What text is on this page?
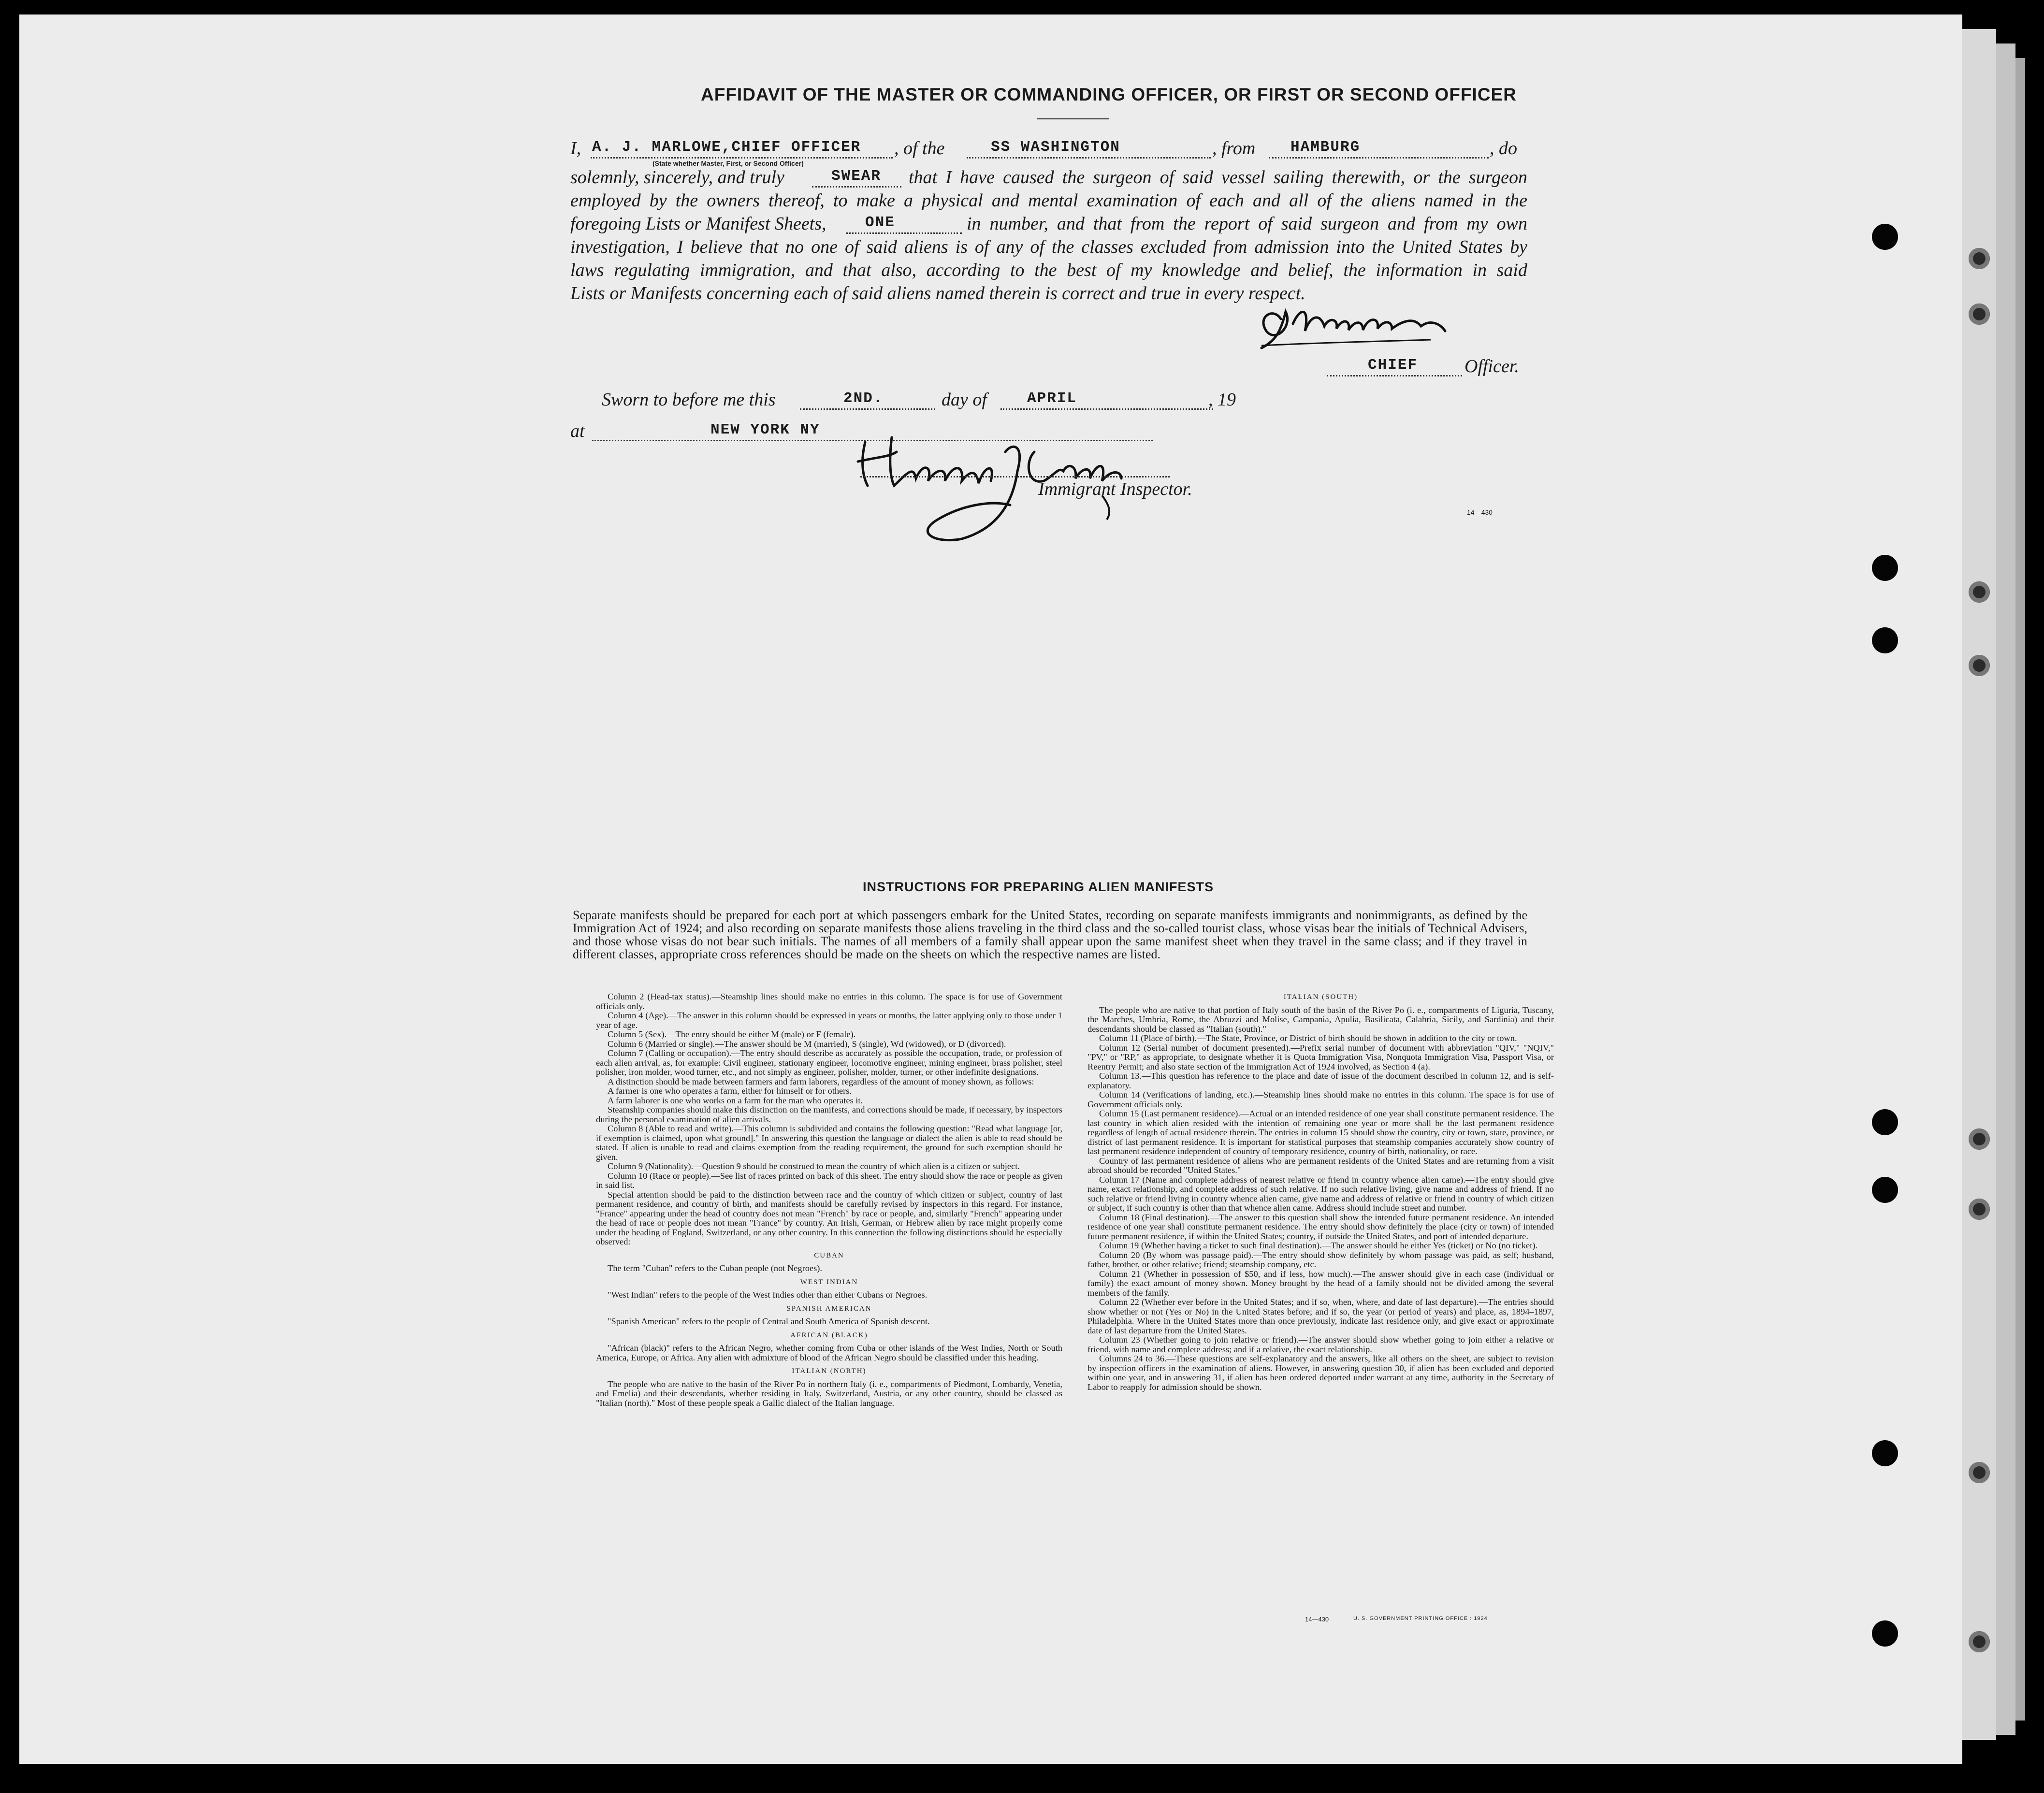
AFFIDAVIT OF THE MASTER OR COMMANDING OFFICER, OR FIRST OR SECOND OFFICER
I, A. J. MARLOWE,CHIEF OFFICER , of the	SS WASHINGTON	, from HAMBURG	, do
(State whether Master, First, or Second Officer)
solemnly, sincerely, and truly	SWEAR that I have caused the surgeon of said vessel sailing therewith, or the surgeon
employed by the owners thereof, to make a physical and mental examination of each and all of the aliens named in the
foregoing Lists or Manifest Sheets,	ONE	in number, and that from the report of said surgeon and from my own
investigation, I believe that no one of said aliens is of any of the classes excluded from admission into the United States by
laws regulating immigration, and that also, according to the best of my knowledge and belief, the information in said
Lists or Manifests concerning each of said aliens named therein is correct and true in every respect.
CHIEF	Officer.
Sworn to before me this	2ND.	day of	APRIL	, 19
at	NEW YORK NY
Immigrant Inspector.
14—430
INSTRUCTIONS FOR PREPARING ALIEN MANIFESTS
Separate manifests should be prepared for each port at which passengers embark for the United States, recording on separate manifests immigrants and nonimmigrants, as defined by the Immigration Act of 1924; and also recording on separate manifests those aliens traveling in the third class and the so-called tourist class, whose visas bear the initials of Technical Advisers, and those whose visas do not bear such initials. The names of all members of a family shall appear upon the same manifest sheet when they travel in the same class; and if they travel in different classes, appropriate cross references should be made on the sheets on which the respective names are listed.

Column 2 (Head-tax status).—Steamship lines should make no entries in this column. The space is for use of Government officials only.

Column 4 (Age).—The answer in this column should be expressed in years or months, the latter applying only to those under 1 year of age.

Column 5 (Sex).—The entry should be either M (male) or F (female).

Column 6 (Married or single).—The answer should be M (married), S (single), Wd (widowed), or D (divorced).

Column 7 (Calling or occupation).—The entry should describe as accurately as possible the occupation, trade, or profession of each alien arrival, as, for example: Civil engineer, stationary engineer, locomotive engineer, mining engineer, brass polisher, steel polisher, iron molder, wood turner, etc., and not simply as engineer, polisher, molder, turner, or other indefinite designations.

A distinction should be made between farmers and farm laborers, regardless of the amount of money shown, as follows:

A farmer is one who operates a farm, either for himself or for others.

A farm laborer is one who works on a farm for the man who operates it.

Steamship companies should make this distinction on the manifests, and corrections should be made, if necessary, by inspectors during the personal examination of alien arrivals.

Column 8 (Able to read and write).—This column is subdivided and contains the following question: "Read what language [or, if exemption is claimed, upon what ground]." In answering this question the language or dialect the alien is able to read should be stated. If alien is unable to read and claims exemption from the reading requirement, the ground for such exemption should be given.

Column 9 (Nationality).—Question 9 should be construed to mean the country of which alien is a citizen or subject.

Column 10 (Race or people).—See list of races printed on back of this sheet. The entry should show the race or people as given in said list.

Special attention should be paid to the distinction between race and the country of which citizen or subject, country of last permanent residence, and country of birth, and manifests should be carefully revised by inspectors in this regard. For instance, "France" appearing under the head of country does not mean "French" by race or people, and, similarly "French" appearing under the head of race or people does not mean "France" by country. An Irish, German, or Hebrew alien by race might properly come under the heading of England, Switzerland, or any other country. In this connection the following distinctions should be especially observed:

CUBAN

The term "Cuban" refers to the Cuban people (not Negroes).

WEST INDIAN

"West Indian" refers to the people of the West Indies other than either Cubans or Negroes.

SPANISH AMERICAN

"Spanish American" refers to the people of Central and South America of Spanish descent.

AFRICAN (BLACK)

"African (black)" refers to the African Negro, whether coming from Cuba or other islands of the West Indies, North or South America, Europe, or Africa. Any alien with admixture of blood of the African Negro should be classified under this heading.

ITALIAN (NORTH)

The people who are native to the basin of the River Po in northern Italy (i. e., compartments of Piedmont, Lombardy, Venetia, and Emelia) and their descendants, whether residing in Italy, Switzerland, Austria, or any other country, should be classed as "Italian (north)." Most of these people speak a Gallic dialect of the Italian language.

ITALIAN (SOUTH)

The people who are native to that portion of Italy south of the basin of the River Po (i. e., compartments of Liguria, Tuscany, the Marches, Umbria, Rome, the Abruzzi and Molise, Campania, Apulia, Basilicata, Calabria, Sicily, and Sardinia) and their descendants should be classed as "Italian (south)."

Column 11 (Place of birth).—The State, Province, or District of birth should be shown in addition to the city or town.

Column 12 (Serial number of document presented).—Prefix serial number of document with abbreviation "QIV," "NQIV," "PV," or "RP," as appropriate, to designate whether it is Quota Immigration Visa, Nonquota Immigration Visa, Passport Visa, or Reentry Permit; and also state section of the Immigration Act of 1924 involved, as Section 4 (a).

Column 13.—This question has reference to the place and date of issue of the document described in column 12, and is self-explanatory.

Column 14 (Verifications of landing, etc.).—Steamship lines should make no entries in this column. The space is for use of Government officials only.

Column 15 (Last permanent residence).—Actual or an intended residence of one year shall constitute permanent residence. The last country in which alien resided with the intention of remaining one year or more shall be the last permanent residence regardless of length of actual residence therein. The entries in column 15 should show the country, city or town, state, province, or district of last permanent residence. It is important for statistical purposes that steamship companies accurately show country of last permanent residence independent of country of temporary residence, country of birth, nationality, or race.

Country of last permanent residence of aliens who are permanent residents of the United States and are returning from a visit abroad should be recorded "United States."

Column 17 (Name and complete address of nearest relative or friend in country whence alien came).—The entry should give name, exact relationship, and complete address of such relative. If no such relative living, give name and address of friend. If no such relative or friend living in country whence alien came, give name and address of relative or friend in country of which citizen or subject, if such country is other than that whence alien came. Address should include street and number.

Column 18 (Final destination).—The answer to this question shall show the intended future permanent residence. An intended residence of one year shall constitute permanent residence. The entry should show definitely the place (city or town) of intended future permanent residence, if within the United States; country, if outside the United States, and port of intended departure.

Column 19 (Whether having a ticket to such final destination).—The answer should be either Yes (ticket) or No (no ticket).

Column 20 (By whom was passage paid).—The entry should show definitely by whom passage was paid, as self; husband, father, brother, or other relative; friend; steamship company, etc.

Column 21 (Whether in possession of $50, and if less, how much).—The answer should give in each case (individual or family) the exact amount of money shown. Money brought by the head of a family should not be divided among the several members of the family.

Column 22 (Whether ever before in the United States; and if so, when, where, and date of last departure).—The entries should show whether or not (Yes or No) in the United States before; and if so, the year (or period of years) and place, as, 1894–1897, Philadelphia. Where in the United States more than once previously, indicate last residence only, and give exact or approximate date of last departure from the United States.

Column 23 (Whether going to join relative or friend).—The answer should show whether going to join either a relative or friend, with name and complete address; and if a relative, the exact relationship.

Columns 24 to 36.—These questions are self-explanatory and the answers, like all others on the sheet, are subject to revision by inspection officers in the examination of aliens. However, in answering question 30, if alien has been excluded and deported within one year, and in answering 31, if alien has been ordered deported under warrant at any time, authority in the Secretary of Labor to reapply for admission should be shown.

14—430	U. S. GOVERNMENT PRINTING OFFICE : 1924
